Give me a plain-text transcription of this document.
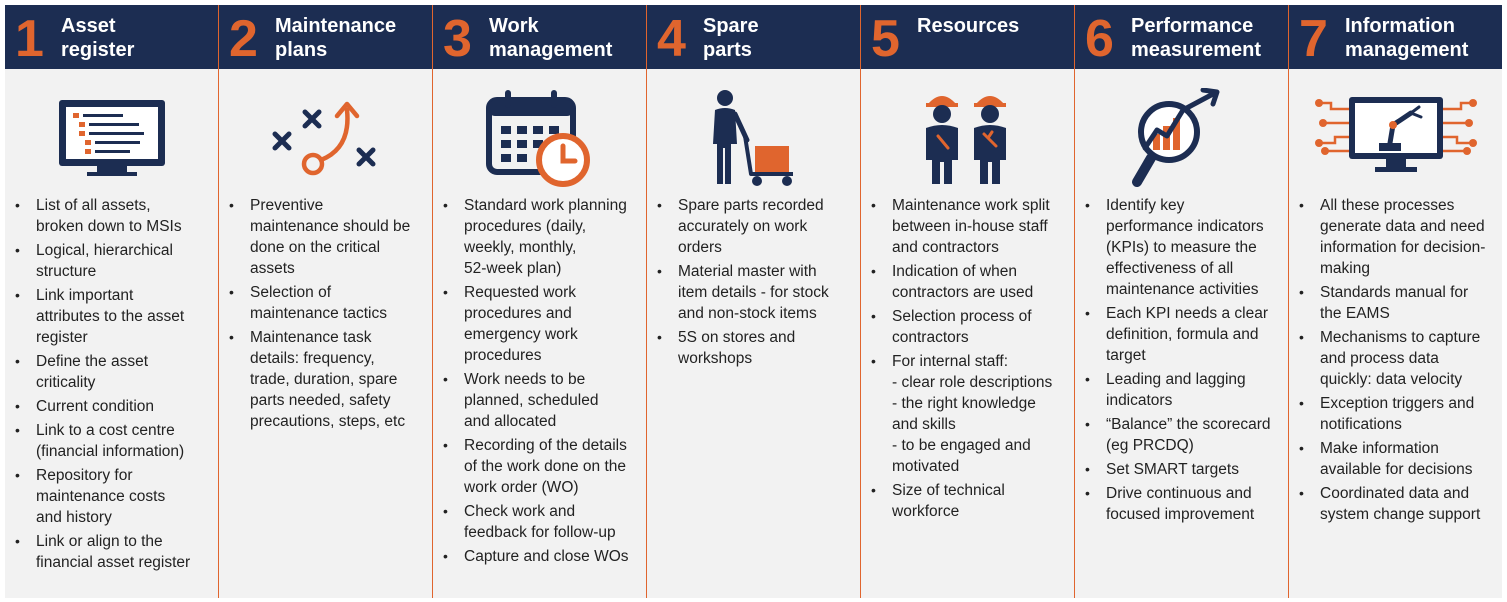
1 Asset
register
• List of all assets,
broken down to MSIs
• Logical, hierarchical
structure
• Link important
attributes to the asset
register
• Define the asset
criticality
• Current condition
• Link to a cost centre
(financial information)
• Repository for
maintenance costs
and history
• Link or align to the
financial asset register
2 Maintenance
plans
• Preventive
maintenance should be
done on the critical
assets
• Selection of
maintenance tactics
• Maintenance task
details: frequency,
trade, duration, spare
parts needed, safety
precautions, steps, etc
3 Work
management
• Standard work planning
procedures (daily,
weekly, monthly,
52-week plan)
• Requested work
procedures and
emergency work
procedures
• Work needs to be
planned, scheduled
and allocated
• Recording of the details
of the work done on the
work order (WO)
• Check work and
feedback for follow-up
• Capture and close WOs
4 Spare
parts
• Spare parts recorded
accurately on work
orders
• Material master with
item details - for stock
and non-stock items
• 5S on stores and
workshops
5 Resources
• Maintenance work split
between in-house staff
and contractors
• Indication of when
contractors are used
• Selection process of
contractors
• For internal staff:
- clear role descriptions
- the right knowledge
and skills
- to be engaged and
motivated
• Size of technical
workforce
6 Performance
measurement
• Identify key
performance indicators
(KPIs) to measure the
effectiveness of all
maintenance activities
• Each KPI needs a clear
definition, formula and
target
• Leading and lagging
indicators
• “Balance” the scorecard
(eg PRCDQ)
• Set SMART targets
• Drive continuous and
focused improvement
7 Information
management
• All these processes
generate data and need
information for decision-
making
• Standards manual for
the EAMS
• Mechanisms to capture
and process data
quickly: data velocity
• Exception triggers and
notifications
• Make information
available for decisions
• Coordinated data and
system change support
